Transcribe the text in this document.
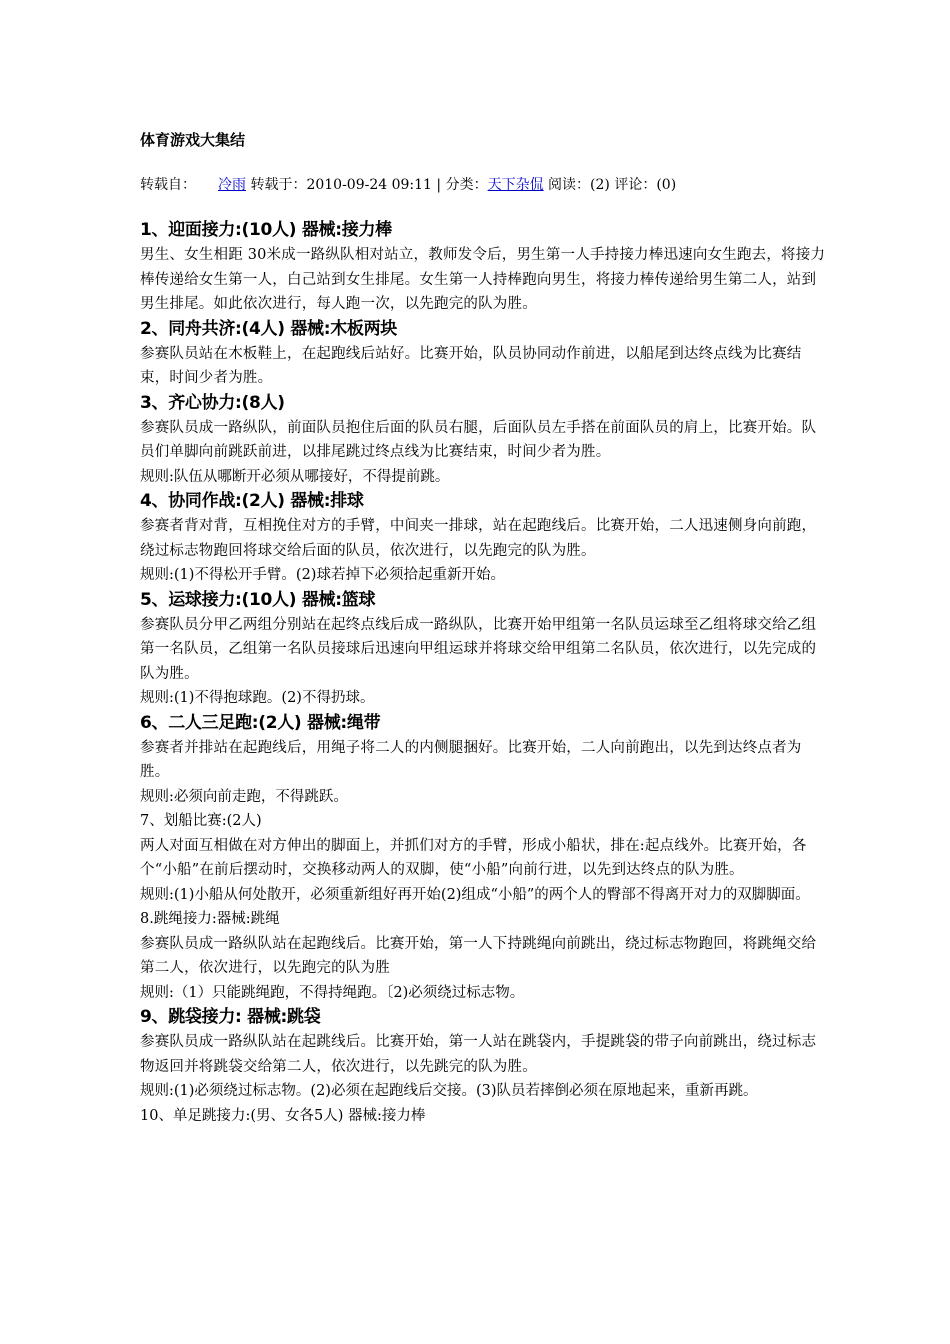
体育游戏大集结
转载自： 冷雨 转载于：2010-09-24 09:11 | 分类：天下杂侃 阅读：(2) 评论：(0)
1、迎面接力:(10人) 器械:接力棒
男生、女生相距 30米成一路纵队相对站立，教师发令后，男生第一人手持接力棒迅速向女生跑去，将接力棒传递给女生第一人，白己站到女生排尾。女生第一人持棒跑向男生，将接力棒传递给男生第二人，站到男生排尾。如此依次进行，每人跑一次，以先跑完的队为胜。
2、同舟共济:(4人) 器械:木板两块
参赛队员站在木板鞋上，在起跑线后站好。比赛开始，队员协同动作前进，以船尾到达终点线为比赛结束，时间少者为胜。
3、齐心协力:(8人)
参赛队员成一路纵队，前面队员抱住后面的队员右腿，后面队员左手搭在前面队员的肩上，比赛开始。队员们单脚向前跳跃前进，以排尾跳过终点线为比赛结束，时间少者为胜。
规则:队伍从哪断开必须从哪接好，不得提前跳。
4、协同作战:(2人) 器械:排球
参赛者背对背，互相挽住对方的手臂，中间夹一排球，站在起跑线后。比赛开始，二人迅速侧身向前跑，绕过标志物跑回将球交给后面的队员，依次进行，以先跑完的队为胜。
规则:(1)不得松开手臂。(2)球若掉下必须拾起重新开始。
5、运球接力:(10人) 器械:篮球
参赛队员分甲乙两组分别站在起终点线后成一路纵队，比赛开始甲组第一名队员运球至乙组将球交给乙组第一名队员，乙组第一名队员接球后迅速向甲组运球并将球交给甲组第二名队员，依次进行，以先完成的队为胜。
规则:(1)不得抱球跑。(2)不得扔球。
6、二人三足跑:(2人) 器械:绳带
参赛者并排站在起跑线后，用绳子将二人的内侧腿捆好。比赛开始，二人向前跑出，以先到达终点者为胜。
规则:必须向前走跑，不得跳跃。
7、划船比赛:(2人)
两人对面互相做在对方伸出的脚面上，并抓们对方的手臂，形成小船状，排在:起点线外。比赛开始，各个“小船”在前后摆动时，交换移动两人的双脚，使“小船”向前行进，以先到达终点的队为胜。
规则:(1)小船从何处散开，必须重新组好再开始(2)组成“小船”的两个人的臀部不得离开对力的双脚脚面。
8.跳绳接力:器械:跳绳
参赛队员成一路纵队站在起跑线后。比赛开始，第一人下持跳绳向前跳出，绕过标志物跑回，将跳绳交给第二人，依次进行，以先跑完的队为胜
规则:（1）只能跳绳跑，不得持绳跑。〔2)必须绕过标志物。
9、跳袋接力: 器械:跳袋
参赛队员成一路纵队站在起跳线后。比赛开始，第一人站在跳袋内，手提跳袋的带子向前跳出，绕过标志物返回并将跳袋交给第二人，依次进行，以先跳完的队为胜。
规则:(1)必须绕过标志物。(2)必须在起跑线后交接。(3)队员若摔倒必须在原地起来，重新再跳。
10、单足跳接力:(男、女各5人) 器械:接力棒
